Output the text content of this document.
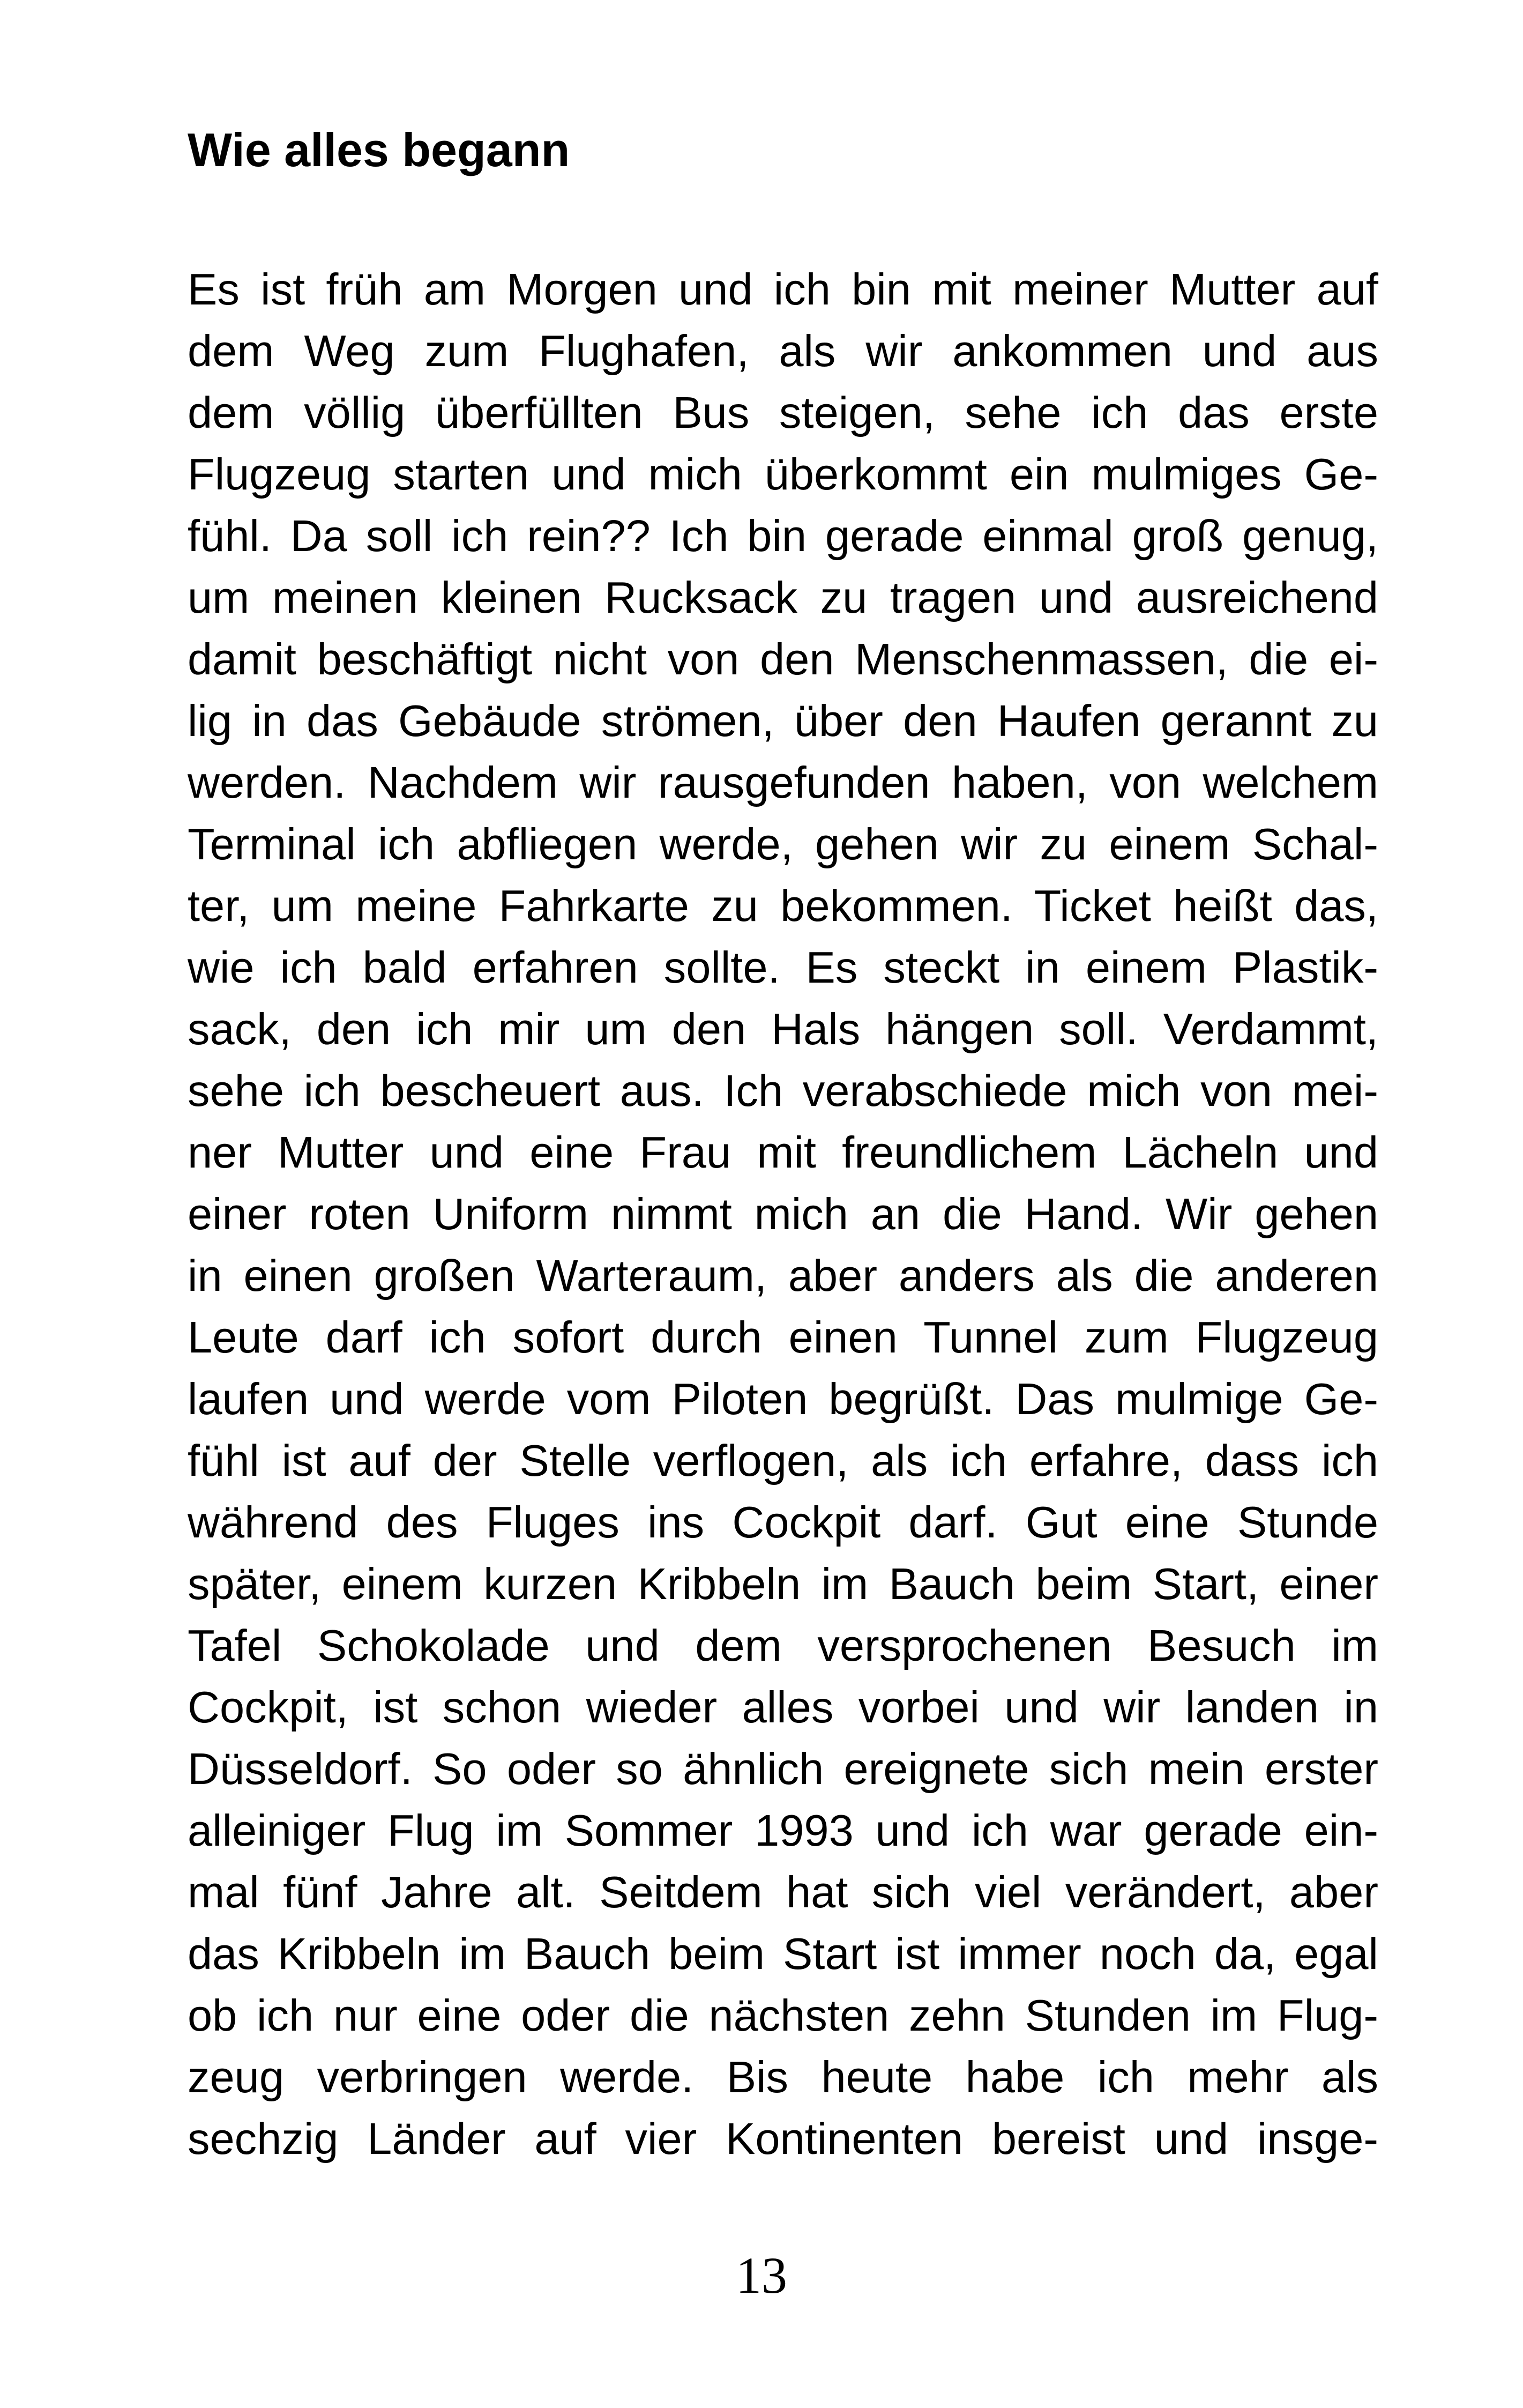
Wie alles begann
Es ist früh am Morgen und ich bin mit meiner Mutter auf
dem Weg zum Flughafen, als wir ankommen und aus
dem völlig überfüllten Bus steigen, sehe ich das erste
Flugzeug starten und mich überkommt ein mulmiges Ge-
fühl. Da soll ich rein?? Ich bin gerade einmal groß genug,
um meinen kleinen Rucksack zu tragen und ausreichend
damit beschäftigt nicht von den Menschenmassen, die ei-
lig in das Gebäude strömen, über den Haufen gerannt zu
werden. Nachdem wir rausgefunden haben, von welchem
Terminal ich abfliegen werde, gehen wir zu einem Schal-
ter, um meine Fahrkarte zu bekommen. Ticket heißt das,
wie ich bald erfahren sollte. Es steckt in einem Plastik-
sack, den ich mir um den Hals hängen soll. Verdammt,
sehe ich bescheuert aus. Ich verabschiede mich von mei-
ner Mutter und eine Frau mit freundlichem Lächeln und
einer roten Uniform nimmt mich an die Hand. Wir gehen
in einen großen Warteraum, aber anders als die anderen
Leute darf ich sofort durch einen Tunnel zum Flugzeug
laufen und werde vom Piloten begrüßt. Das mulmige Ge-
fühl ist auf der Stelle verflogen, als ich erfahre, dass ich
während des Fluges ins Cockpit darf. Gut eine Stunde
später, einem kurzen Kribbeln im Bauch beim Start, einer
Tafel Schokolade und dem versprochenen Besuch im
Cockpit, ist schon wieder alles vorbei und wir landen in
Düsseldorf. So oder so ähnlich ereignete sich mein erster
alleiniger Flug im Sommer 1993 und ich war gerade ein-
mal fünf Jahre alt. Seitdem hat sich viel verändert, aber
das Kribbeln im Bauch beim Start ist immer noch da, egal
ob ich nur eine oder die nächsten zehn Stunden im Flug-
zeug verbringen werde. Bis heute habe ich mehr als
sechzig Länder auf vier Kontinenten bereist und insge-
13
